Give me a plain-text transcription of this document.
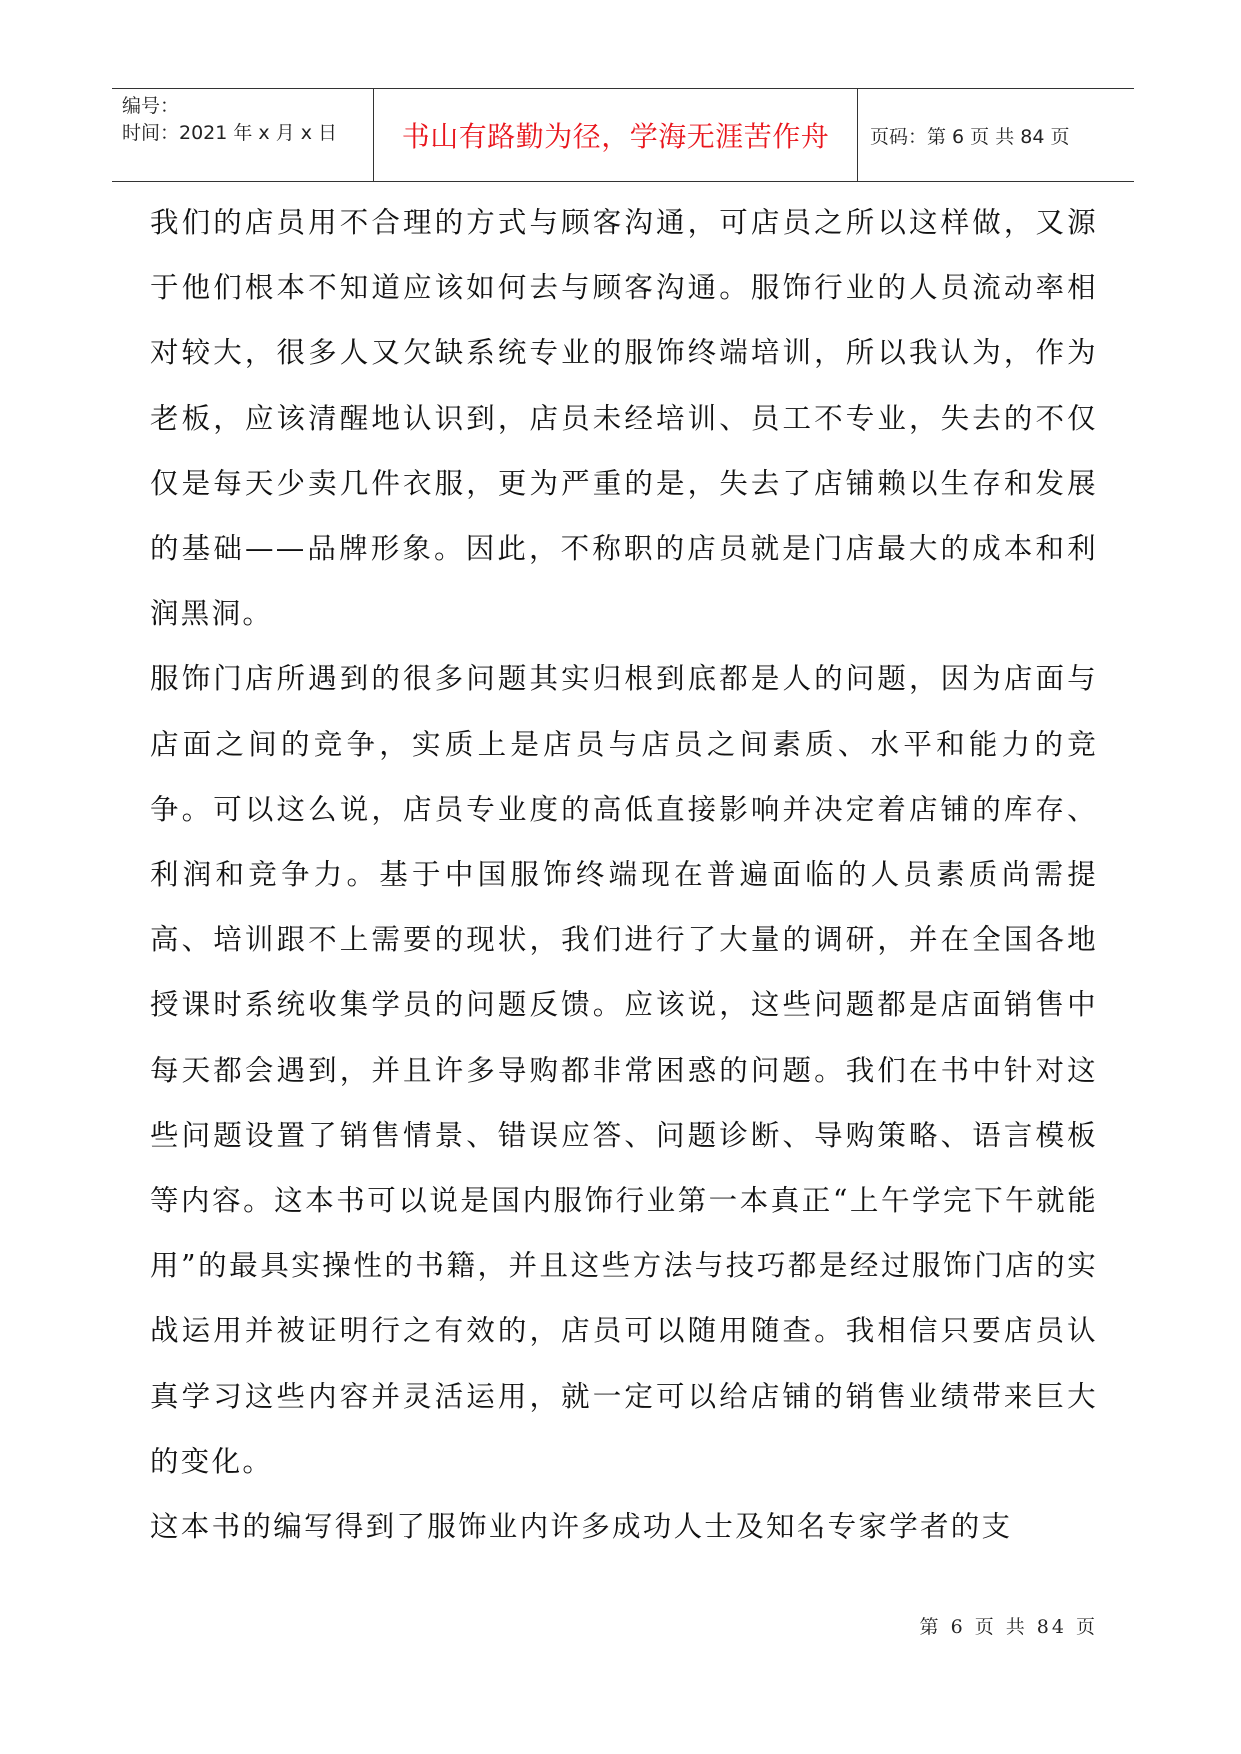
编号：
时间：2021 年 x 月 x 日	书山有路勤为径，学海无涯苦作舟	页码：第 6 页 共 84 页

我们的店员用不合理的方式与顾客沟通，可店员之所以这样做，又源于他们根本不知道应该如何去与顾客沟通。服饰行业的人员流动率相对较大，很多人又欠缺系统专业的服饰终端培训，所以我认为，作为老板，应该清醒地认识到，店员未经培训、员工不专业，失去的不仅仅是每天少卖几件衣服，更为严重的是，失去了店铺赖以生存和发展的基础——品牌形象。因此，不称职的店员就是门店最大的成本和利润黑洞。

服饰门店所遇到的很多问题其实归根到底都是人的问题，因为店面与店面之间的竞争，实质上是店员与店员之间素质、水平和能力的竞争。可以这么说，店员专业度的高低直接影响并决定着店铺的库存、利润和竞争力。基于中国服饰终端现在普遍面临的人员素质尚需提高、培训跟不上需要的现状，我们进行了大量的调研，并在全国各地授课时系统收集学员的问题反馈。应该说，这些问题都是店面销售中每天都会遇到，并且许多导购都非常困惑的问题。我们在书中针对这些问题设置了销售情景、错误应答、问题诊断、导购策略、语言模板等内容。这本书可以说是国内服饰行业第一本真正“上午学完下午就能用”的最具实操性的书籍，并且这些方法与技巧都是经过服饰门店的实战运用并被证明行之有效的，店员可以随用随查。我相信只要店员认真学习这些内容并灵活运用，就一定可以给店铺的销售业绩带来巨大的变化。

这本书的编写得到了服饰业内许多成功人士及知名专家学者的支

第 6 页 共 84 页
